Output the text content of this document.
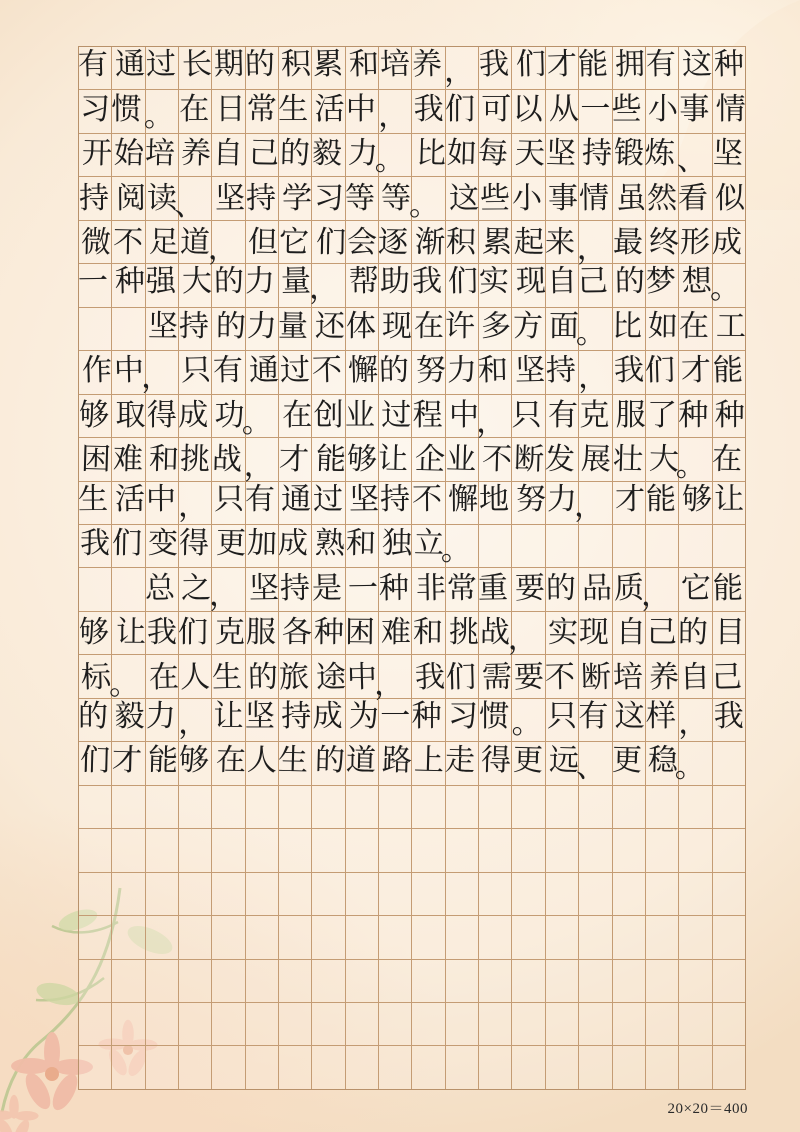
有 通 过 长 期 的 积 累 和 培 养 ， 我 们 才 能 拥 有 这 种
习 惯 。 在 日 常 生 活 中 ， 我 们 可 以 从 一 些 小 事 情
开 始 培 养 自 己 的 毅 力
。 比 如 每 天 坚 持 锻 炼 、 坚
持 阅 读
、 坚 持 学 习 等 等
。 这 些 小 事 情 虽 然 看 似
微 不 足 道
， 但 它 们 会 逐 渐 积 累 起 来 ， 最 终 形 成
一 种 强 大 的 力 量
， 帮 助 我 们 实 现 自 己 的 梦 想
。
坚 持 的 力 量 还 体 现 在 许 多 方 面
。 比 如 在 工
作 中
， 只 有 通 过 不 懈 的 努 力 和 坚 持 ， 我 们 才 能
够 取 得 成 功
。 在 创 业 过 程 中
， 只 有 克 服 了 种 种
困 难 和 挑 战 ， 才 能 够 让 企 业 不 断 发 展 壮 大
。 在
生 活 中 ， 只 有 通 过 坚 持 不 懈 地 努 力
， 才 能 够 让
我 们 变 得 更 加 成 熟 和 独 立
。
总 之
， 坚 持 是 一 种 非 常 重 要 的 品 质
， 它 能
够 让 我 们 克 服 各 种 困 难 和 挑 战
， 实 现 自 己 的 目
标
。 在 人 生 的 旅 途 中
， 我 们 需 要 不 断 培 养 自 己
的 毅 力 ， 让 坚 持 成 为 一 种 习 惯 。 只 有 这 样 ， 我
们 才 能 够 在 人 生 的 道 路 上 走 得 更 远
、 更 稳
。
20×20＝400
